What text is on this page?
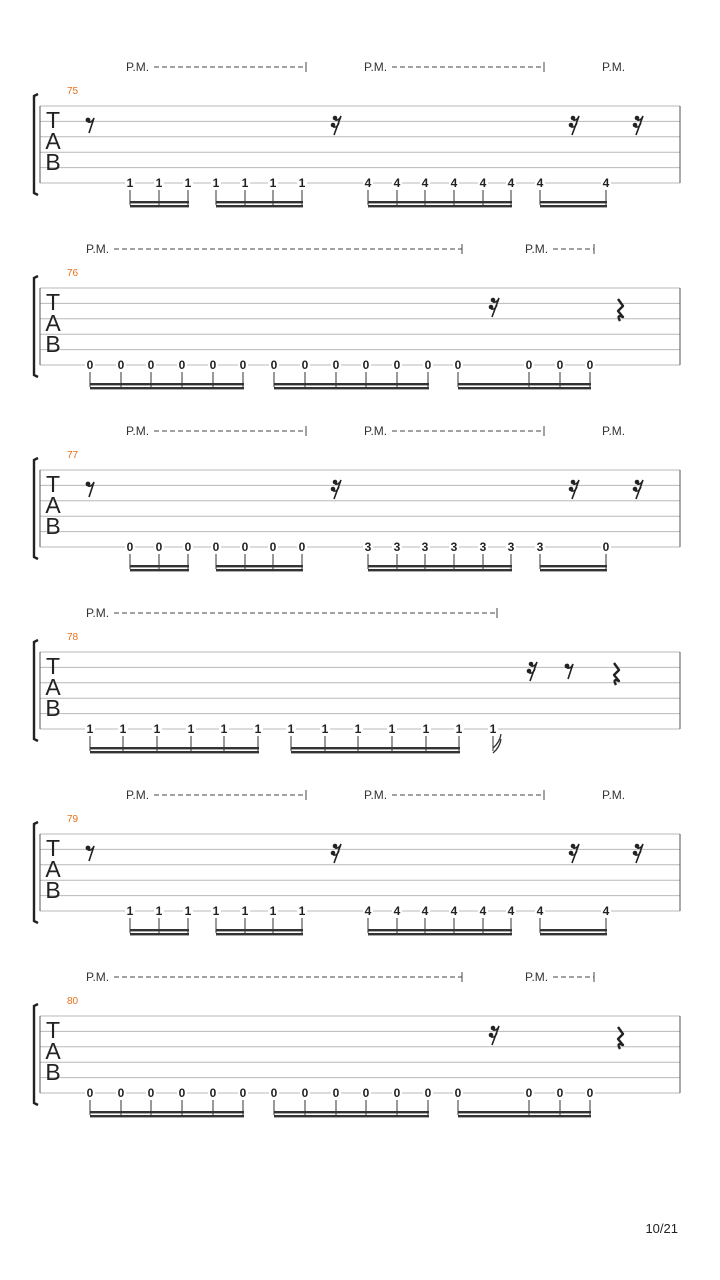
T
A
B
75
P.M.	P.M.	P.M.
1 1 1 1 1 1 1	4 4 4 4 4 4 4	4
T
A
B
76
P.M.	P.M.
0 0 0 0 0 0 0 0 0 0 0 0 0	0 0 0
T
A
B
77
P.M.	P.M.	P.M.
0 0 0 0 0 0 0	3 3 3 3 3 3 3	0
T
A
B
78
P.M.
1 1 1 1 1 1 1 1 1 1 1 1 1
T
A
B
79
P.M.	P.M.	P.M.
1 1 1 1 1 1 1	4 4 4 4 4 4 4	4
T
A
B
80
P.M.	P.M.
0 0 0 0 0 0 0 0 0 0 0 0 0	0 0 0
10/21
